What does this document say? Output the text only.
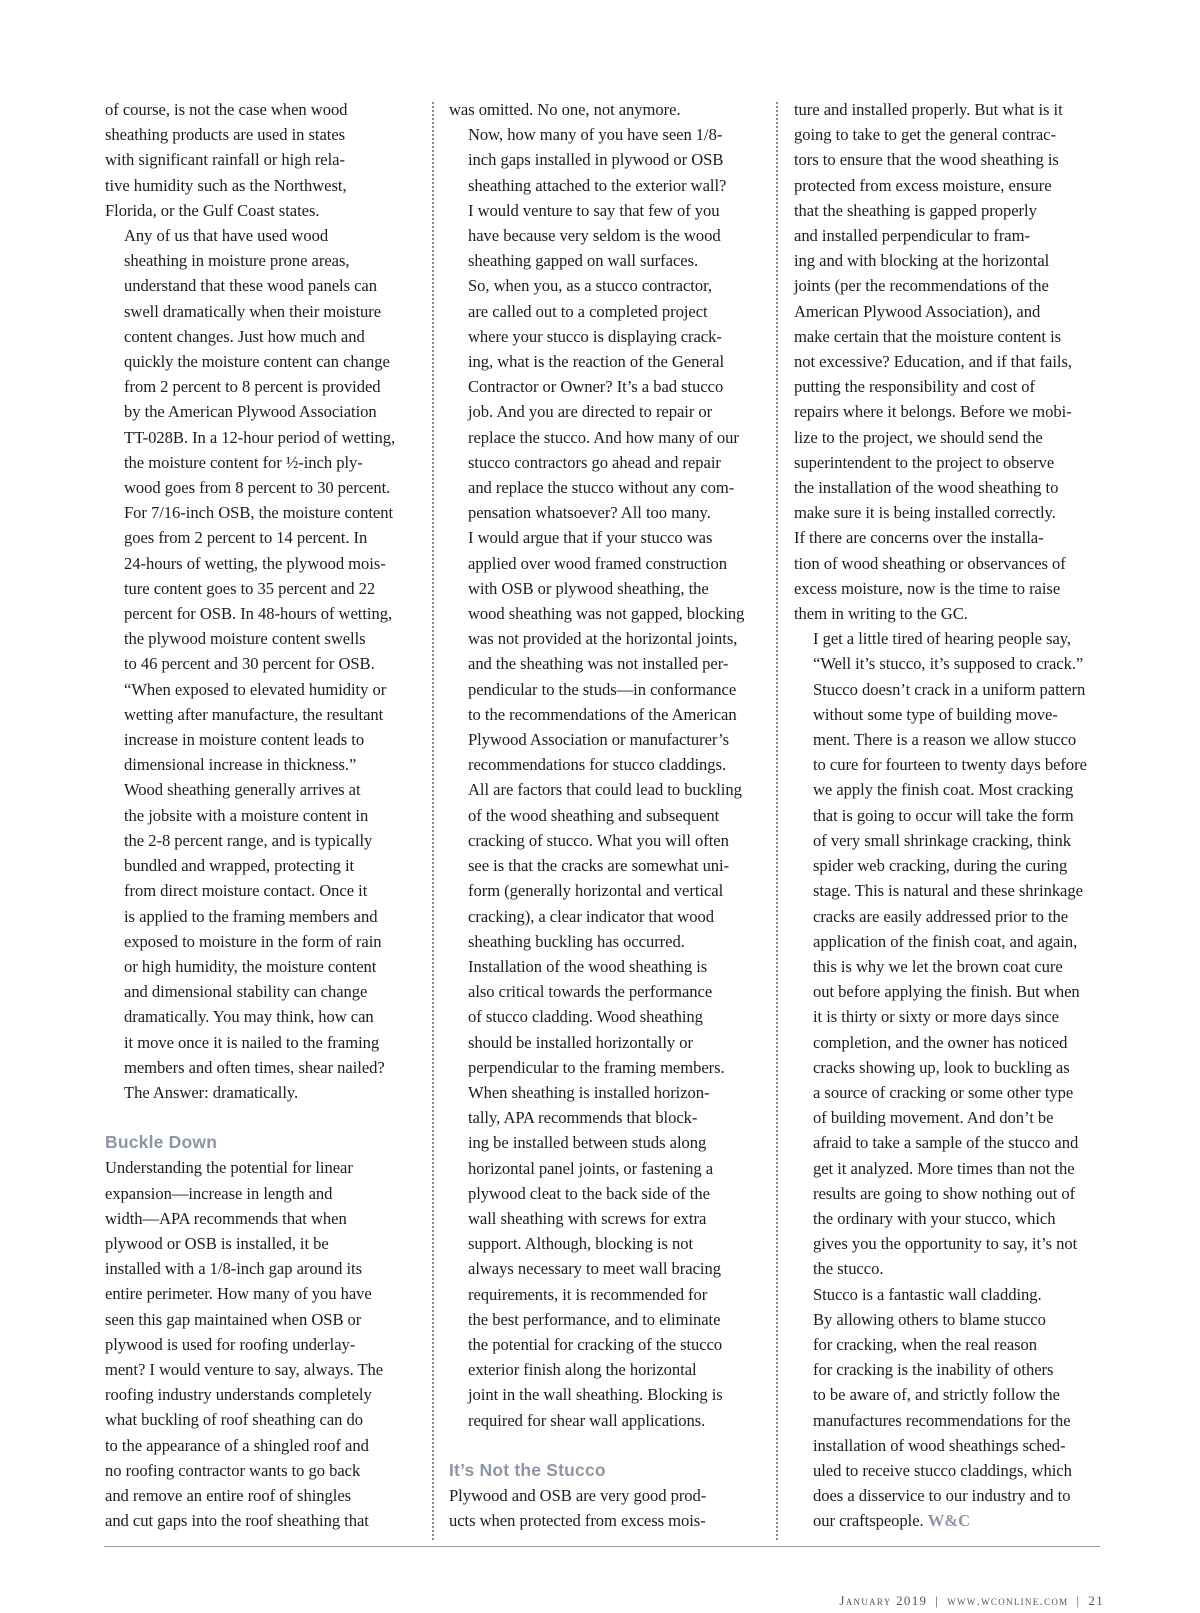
of course, is not the case when wood
sheathing products are used in states
with significant rainfall or high rela-
tive humidity such as the Northwest,
Florida, or the Gulf Coast states.

Any of us that have used wood
sheathing in moisture prone areas,
understand that these wood panels can
swell dramatically when their moisture
content changes. Just how much and
quickly the moisture content can change
from 2 percent to 8 percent is provided
by the American Plywood Association
TT-028B. In a 12-hour period of wetting,
the moisture content for ½-inch ply-
wood goes from 8 percent to 30 percent.
For 7/16-inch OSB, the moisture content
goes from 2 percent to 14 percent. In
24-hours of wetting, the plywood mois-
ture content goes to 35 percent and 22
percent for OSB. In 48-hours of wetting,
the plywood moisture content swells
to 46 percent and 30 percent for OSB.
“When exposed to elevated humidity or
wetting after manufacture, the resultant
increase in moisture content leads to
dimensional increase in thickness.”

Wood sheathing generally arrives at
the jobsite with a moisture content in
the 2-8 percent range, and is typically
bundled and wrapped, protecting it
from direct moisture contact. Once it
is applied to the framing members and
exposed to moisture in the form of rain
or high humidity, the moisture content
and dimensional stability can change
dramatically. You may think, how can
it move once it is nailed to the framing
members and often times, shear nailed?
The Answer: dramatically.

Buckle Down

Understanding the potential for linear
expansion—increase in length and
width—APA recommends that when
plywood or OSB is installed, it be
installed with a 1/8-inch gap around its
entire perimeter. How many of you have
seen this gap maintained when OSB or
plywood is used for roofing underlay-
ment? I would venture to say, always. The
roofing industry understands completely
what buckling of roof sheathing can do
to the appearance of a shingled roof and
no roofing contractor wants to go back
and remove an entire roof of shingles
and cut gaps into the roof sheathing that

was omitted. No one, not anymore.

Now, how many of you have seen 1/8-
inch gaps installed in plywood or OSB
sheathing attached to the exterior wall?
I would venture to say that few of you
have because very seldom is the wood
sheathing gapped on wall surfaces.

So, when you, as a stucco contractor,
are called out to a completed project
where your stucco is displaying crack-
ing, what is the reaction of the General
Contractor or Owner? It’s a bad stucco
job. And you are directed to repair or
replace the stucco. And how many of our
stucco contractors go ahead and repair
and replace the stucco without any com-
pensation whatsoever? All too many.

I would argue that if your stucco was
applied over wood framed construction
with OSB or plywood sheathing, the
wood sheathing was not gapped, blocking
was not provided at the horizontal joints,
and the sheathing was not installed per-
pendicular to the studs—in conformance
to the recommendations of the American
Plywood Association or manufacturer’s
recommendations for stucco claddings.
All are factors that could lead to buckling
of the wood sheathing and subsequent
cracking of stucco. What you will often
see is that the cracks are somewhat uni-
form (generally horizontal and vertical
cracking), a clear indicator that wood
sheathing buckling has occurred.

Installation of the wood sheathing is
also critical towards the performance
of stucco cladding. Wood sheathing
should be installed horizontally or
perpendicular to the framing members.
When sheathing is installed horizon-
tally, APA recommends that block-
ing be installed between studs along
horizontal panel joints, or fastening a
plywood cleat to the back side of the
wall sheathing with screws for extra
support. Although, blocking is not
always necessary to meet wall bracing
requirements, it is recommended for
the best performance, and to eliminate
the potential for cracking of the stucco
exterior finish along the horizontal
joint in the wall sheathing. Blocking is
required for shear wall applications.

It’s Not the Stucco

Plywood and OSB are very good prod-
ucts when protected from excess mois-

ture and installed properly. But what is it
going to take to get the general contrac-
tors to ensure that the wood sheathing is
protected from excess moisture, ensure
that the sheathing is gapped properly
and installed perpendicular to fram-
ing and with blocking at the horizontal
joints (per the recommendations of the
American Plywood Association), and
make certain that the moisture content is
not excessive? Education, and if that fails,
putting the responsibility and cost of
repairs where it belongs. Before we mobi-
lize to the project, we should send the
superintendent to the project to observe
the installation of the wood sheathing to
make sure it is being installed correctly.
If there are concerns over the installa-
tion of wood sheathing or observances of
excess moisture, now is the time to raise
them in writing to the GC.

I get a little tired of hearing people say,
“Well it’s stucco, it’s supposed to crack.”
Stucco doesn’t crack in a uniform pattern
without some type of building move-
ment. There is a reason we allow stucco
to cure for fourteen to twenty days before
we apply the finish coat. Most cracking
that is going to occur will take the form
of very small shrinkage cracking, think
spider web cracking, during the curing
stage. This is natural and these shrinkage
cracks are easily addressed prior to the
application of the finish coat, and again,
this is why we let the brown coat cure
out before applying the finish. But when
it is thirty or sixty or more days since
completion, and the owner has noticed
cracks showing up, look to buckling as
a source of cracking or some other type
of building movement. And don’t be
afraid to take a sample of the stucco and
get it analyzed. More times than not the
results are going to show nothing out of
the ordinary with your stucco, which
gives you the opportunity to say, it’s not
the stucco.

Stucco is a fantastic wall cladding.
By allowing others to blame stucco
for cracking, when the real reason
for cracking is the inability of others
to be aware of, and strictly follow the
manufactures recommendations for the
installation of wood sheathings sched-
uled to receive stucco claddings, which
does a disservice to our industry and to
our craftspeople. W&C

January 2019 | www.wconline.com | 21
